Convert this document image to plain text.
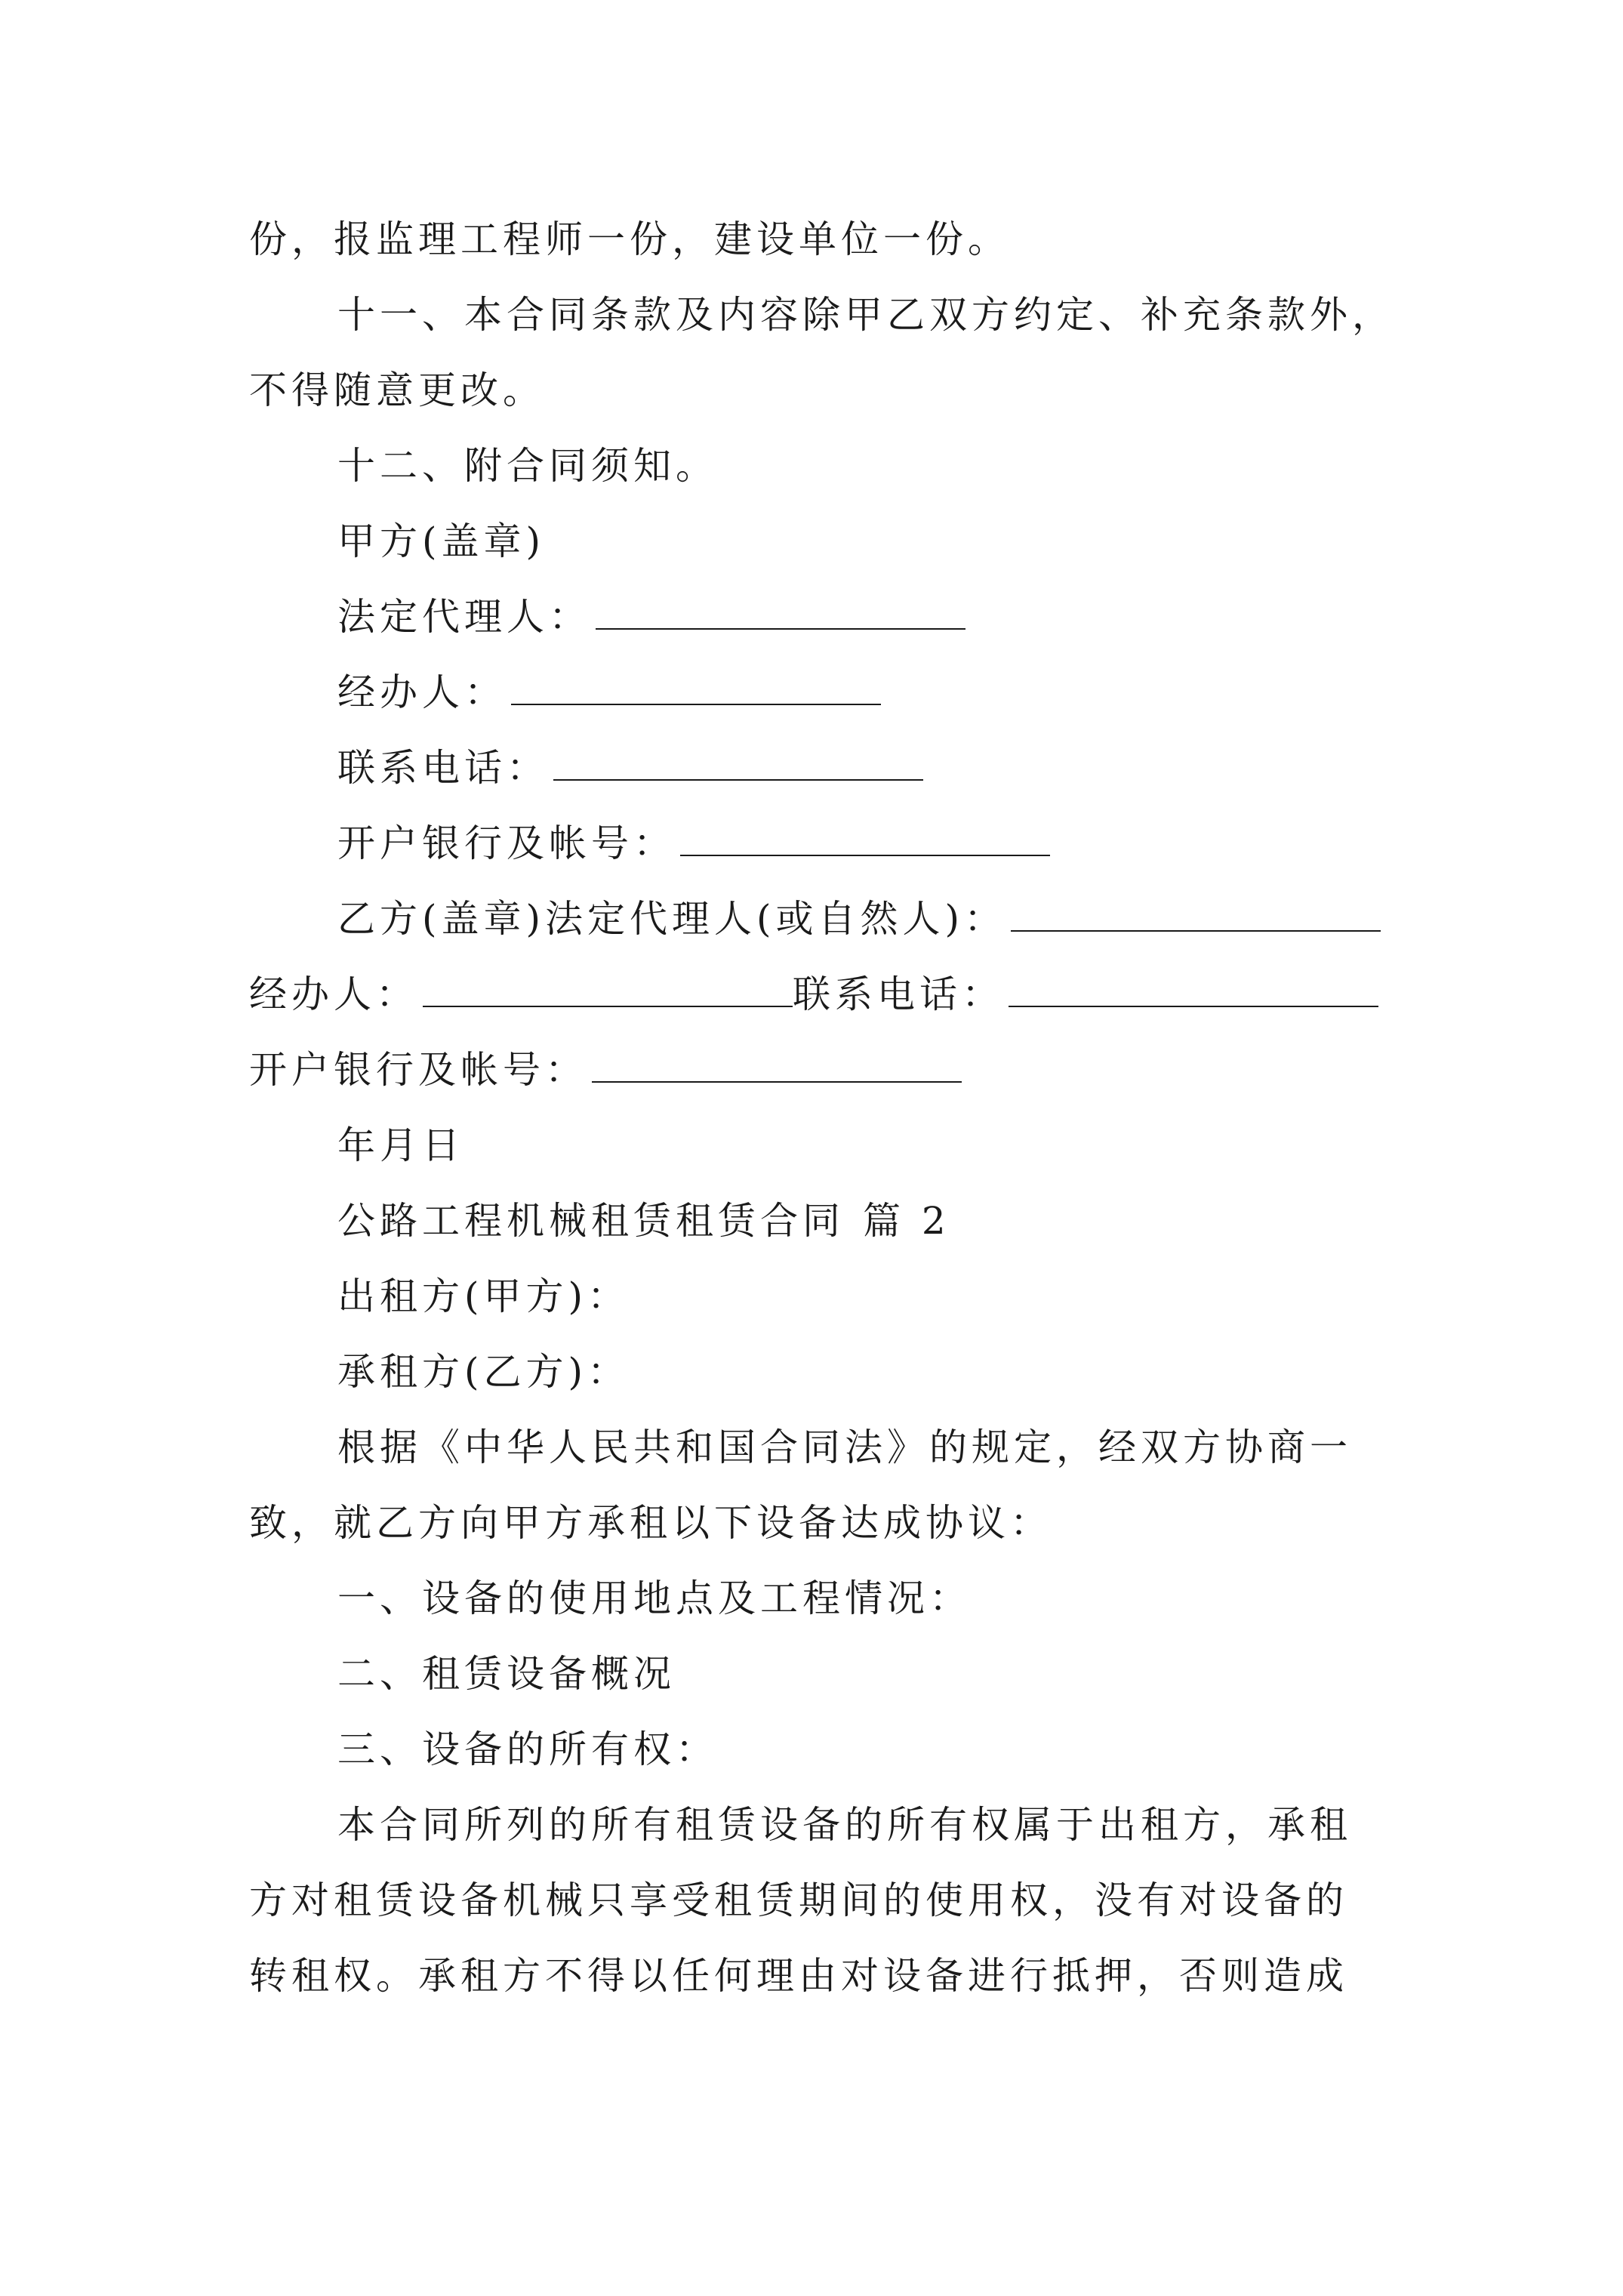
份，报监理工程师一份，建设单位一份。
十一、本合同条款及内容除甲乙双方约定、补充条款外，
不得随意更改。
十二、附合同须知。
甲方(盖章)
法定代理人：
经办人：
联系电话：
开户银行及帐号：
乙方(盖章)法定代理人(或自然人)：
经办人：	联系电话：
开户银行及帐号：
年月日
公路工程机械租赁租赁合同 篇 2
出租方(甲方)：
承租方(乙方)：
根据《中华人民共和国合同法》的规定，经双方协商一
致，就乙方向甲方承租以下设备达成协议：
一、设备的使用地点及工程情况：
二、租赁设备概况
三、设备的所有权：
本合同所列的所有租赁设备的所有权属于出租方，承租
方对租赁设备机械只享受租赁期间的使用权，没有对设备的
转租权。承租方不得以任何理由对设备进行抵押，否则造成
